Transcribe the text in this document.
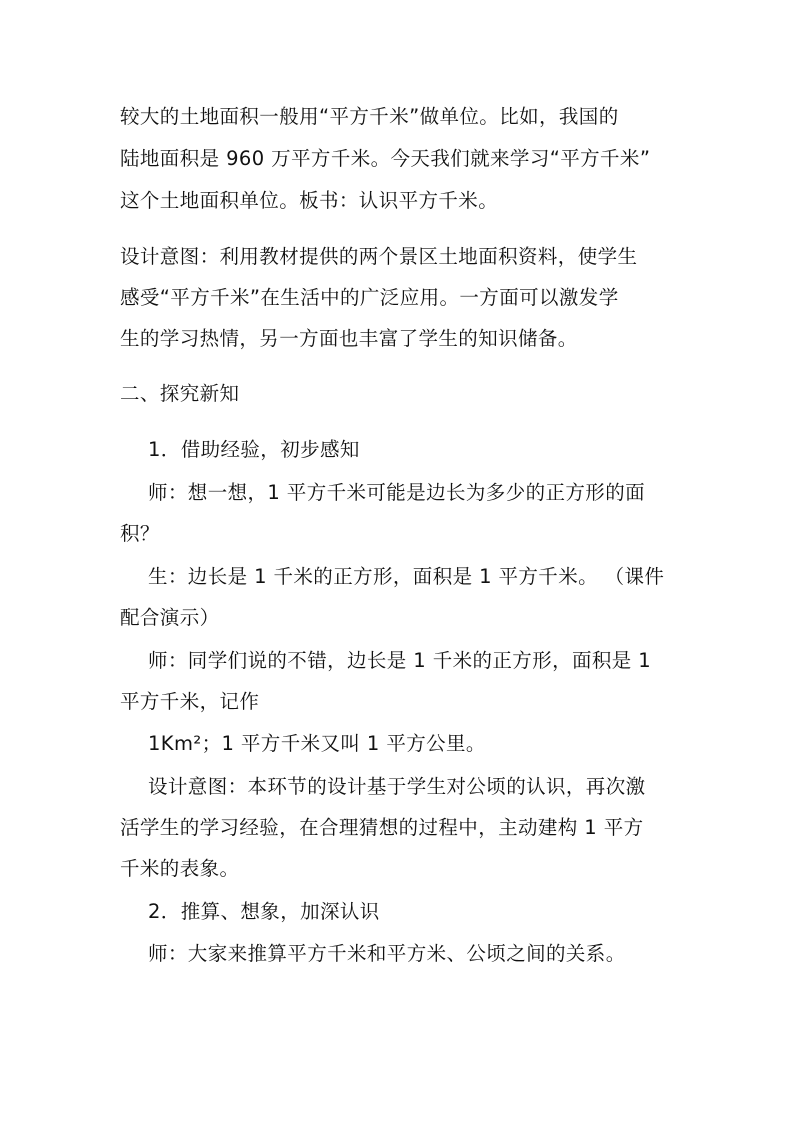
较大的土地面积一般用“平方千米”做单位。比如，我国的
陆地面积是 960 万平方千米。今天我们就来学习“平方千米”
这个土地面积单位。板书：认识平方千米。
设计意图：利用教材提供的两个景区土地面积资料，使学生
感受“平方千米”在生活中的广泛应用。一方面可以激发学
生的学习热情，另一方面也丰富了学生的知识储备。
二、探究新知
1．借助经验，初步感知
师：想一想，1 平方千米可能是边长为多少的正方形的面
积？
生：边长是 1 千米的正方形，面积是 1 平方千米。 （课件
配合演示）
师：同学们说的不错，边长是 1 千米的正方形，面积是 1
平方千米，记作
1Km²；1 平方千米又叫 1 平方公里。
设计意图：本环节的设计基于学生对公顷的认识，再次激
活学生的学习经验，在合理猜想的过程中，主动建构 1 平方
千米的表象。
2．推算、想象，加深认识
师：大家来推算平方千米和平方米、公顷之间的关系。
